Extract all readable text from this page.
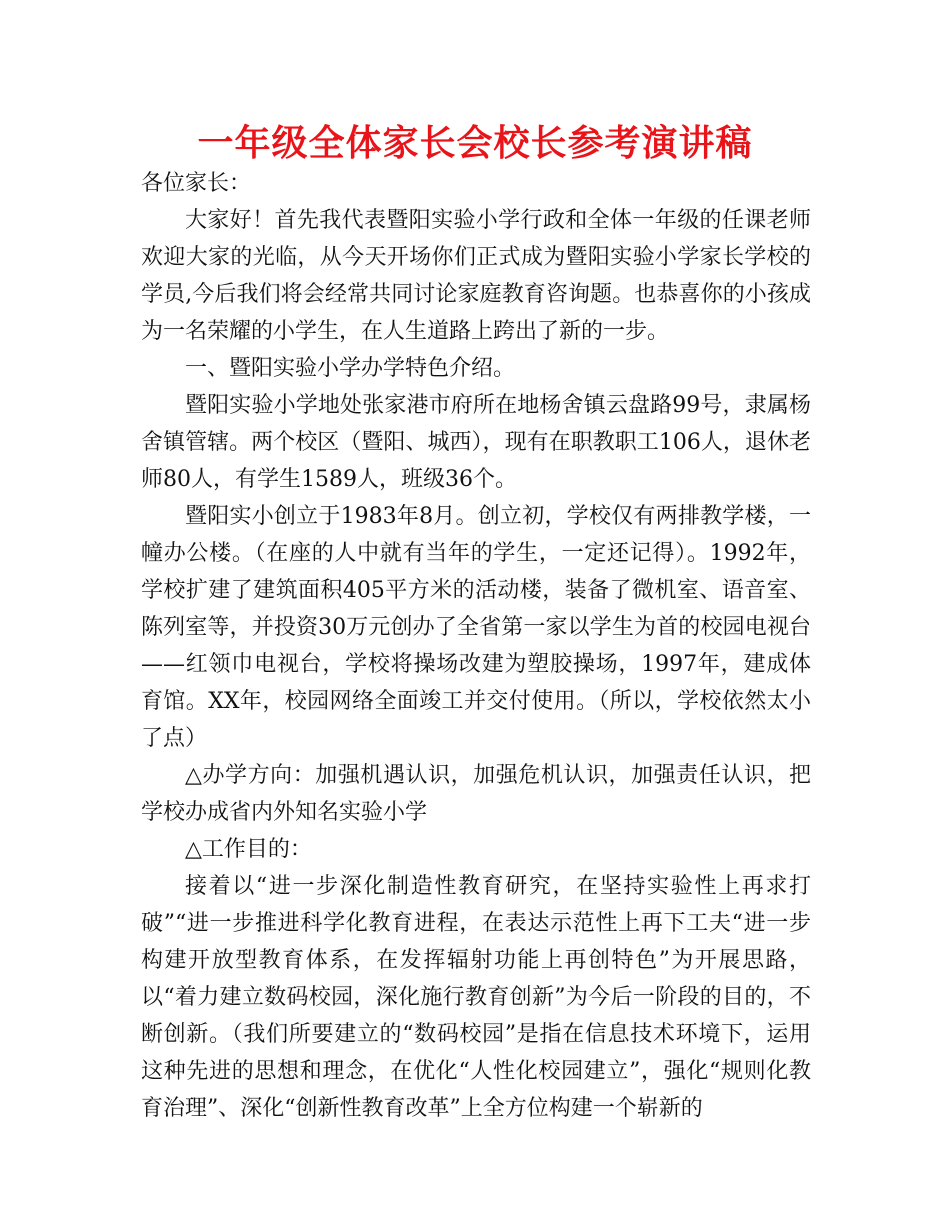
一年级全体家长会校长参考演讲稿

各位家长：

大家好！首先我代表暨阳实验小学行政和全体一年级的任课老师欢迎大家的光临，从今天开场你们正式成为暨阳实验小学家长学校的学员,今后我们将会经常共同讨论家庭教育咨询题。也恭喜你的小孩成为一名荣耀的小学生，在人生道路上跨出了新的一步。

一、暨阳实验小学办学特色介绍。

暨阳实验小学地处张家港市府所在地杨舍镇云盘路99号，隶属杨舍镇管辖。两个校区（暨阳、城西），现有在职教职工106人，退休老师80人，有学生1589人，班级36个。

暨阳实小创立于1983年8月。创立初，学校仅有两排教学楼，一幢办公楼。（在座的人中就有当年的学生，一定还记得）。1992年，学校扩建了建筑面积405平方米的活动楼，装备了微机室、语音室、陈列室等，并投资30万元创办了全省第一家以学生为首的校园电视台——红领巾电视台，学校将操场改建为塑胶操场，1997年，建成体育馆。XX年，校园网络全面竣工并交付使用。（所以，学校依然太小了点）

△办学方向：加强机遇认识，加强危机认识，加强责任认识，把学校办成省内外知名实验小学

△工作目的：

接着以“进一步深化制造性教育研究，在坚持实验性上再求打破”“进一步推进科学化教育进程，在表达示范性上再下工夫“进一步构建开放型教育体系，在发挥辐射功能上再创特色”为开展思路，以“着力建立数码校园，深化施行教育创新”为今后一阶段的目的，不断创新。（我们所要建立的“数码校园”是指在信息技术环境下，运用这种先进的思想和理念，在优化“人性化校园建立”，强化“规则化教育治理”、深化“创新性教育改革”上全方位构建一个崭新的
